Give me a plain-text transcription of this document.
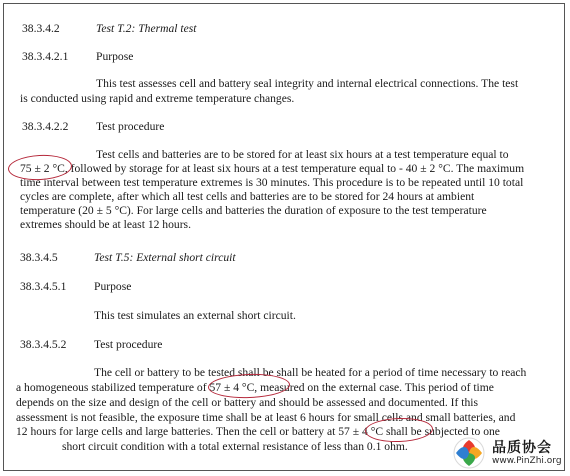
38.3.4.2	Test T.2: Thermal test
38.3.4.2.1 Purpose
This test assesses cell and battery seal integrity and internal electrical connections. The test
is conducted using rapid and extreme temperature changes.
38.3.4.2.2 Test procedure
Test cells and batteries are to be stored for at least six hours at a test temperature equal to
75 ± 2 °C, followed by storage for at least six hours at a test temperature equal to - 40 ± 2 °C. The maximum
time interval between test temperature extremes is 30 minutes. This procedure is to be repeated until 10 total
cycles are complete, after which all test cells and batteries are to be stored for 24 hours at ambient
temperature (20 ± 5 °C). For large cells and batteries the duration of exposure to the test temperature
extremes should be at least 12 hours.
38.3.4.5	Test T.5: External short circuit
38.3.4.5.1 Purpose
This test simulates an external short circuit.
38.3.4.5.2 Test procedure
The cell or battery to be tested shall be shall be heated for a period of time necessary to reach
a homogeneous stabilized temperature of 57 ± 4 °C, measured on the external case. This period of time
depends on the size and design of the cell or battery and should be assessed and documented. If this
assessment is not feasible, the exposure time shall be at least 6 hours for small cells and small batteries, and
12 hours for large cells and large batteries. Then the cell or battery at 57 ± 4 °C shall be subjected to one
short circuit condition with a total external resistance of less than 0.1 ohm.	品质协会
www.PinZhi.org
